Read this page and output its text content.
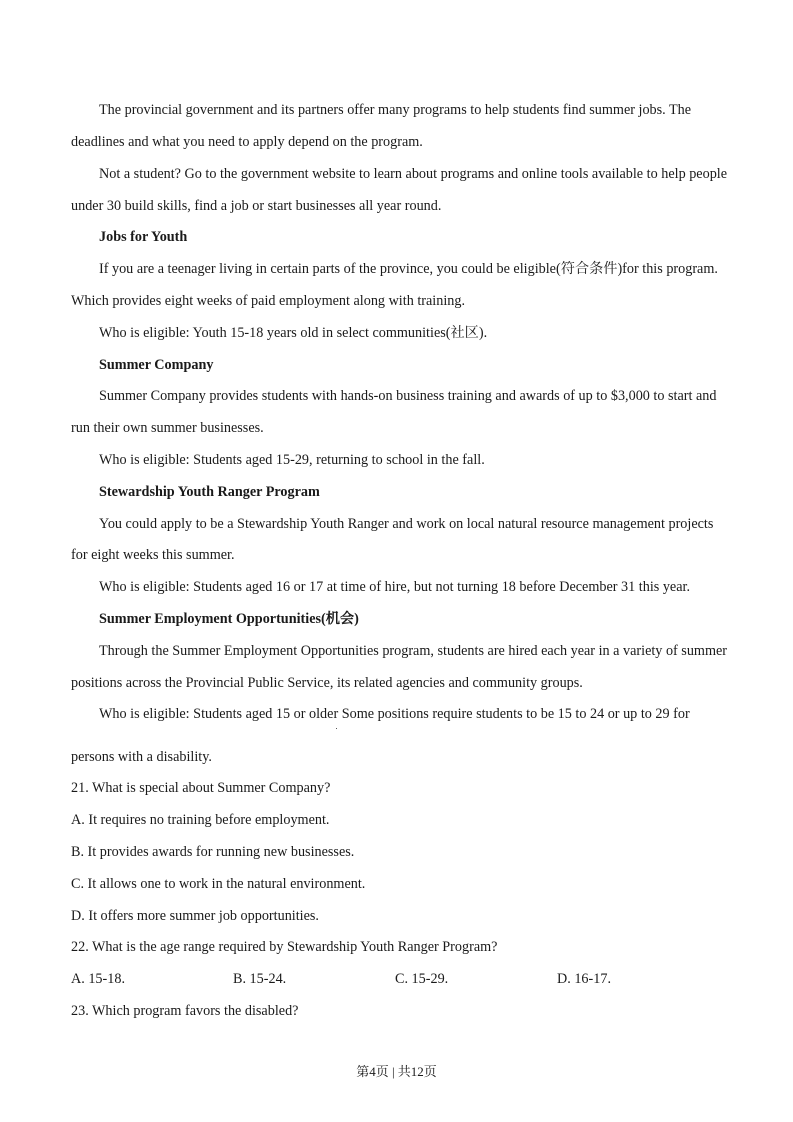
The provincial government and its partners offer many programs to help students find summer jobs. The
deadlines and what you need to apply depend on the program.
Not a student? Go to the government website to learn about programs and online tools available to help people
under 30 build skills, find a job or start businesses all year round.
Jobs for Youth
If you are a teenager living in certain parts of the province, you could be eligible(符合条件)for this program.
Which provides eight weeks of paid employment along with training.
Who is eligible: Youth 15-18 years old in select communities(社区).
Summer Company
Summer Company provides students with hands-on business training and awards of up to $3,000 to start and
run their own summer businesses.
Who is eligible: Students aged 15-29, returning to school in the fall.
Stewardship Youth Ranger Program
You could apply to be a Stewardship Youth Ranger and work on local natural resource management projects
for eight weeks this summer.
Who is eligible: Students aged 16 or 17 at time of hire, but not turning 18 before December 31 this year.
Summer Employment Opportunities(机会)
Through the Summer Employment Opportunities program, students are hired each year in a variety of summer
positions across the Provincial Public Service, its related agencies and community groups.
Who is eligible: Students aged 15 or older Some positions require students to be 15 to 24 or up to 29 for
persons with a disability.
21. What is special about Summer Company?
A. It requires no training before employment.
B. It provides awards for running new businesses.
C. It allows one to work in the natural environment.
D. It offers more summer job opportunities.
22. What is the age range required by Stewardship Youth Ranger Program?
A. 15-18.	B. 15-24.	C. 15-29.	D. 16-17.
23. Which program favors the disabled?
第4页 | 共12页
